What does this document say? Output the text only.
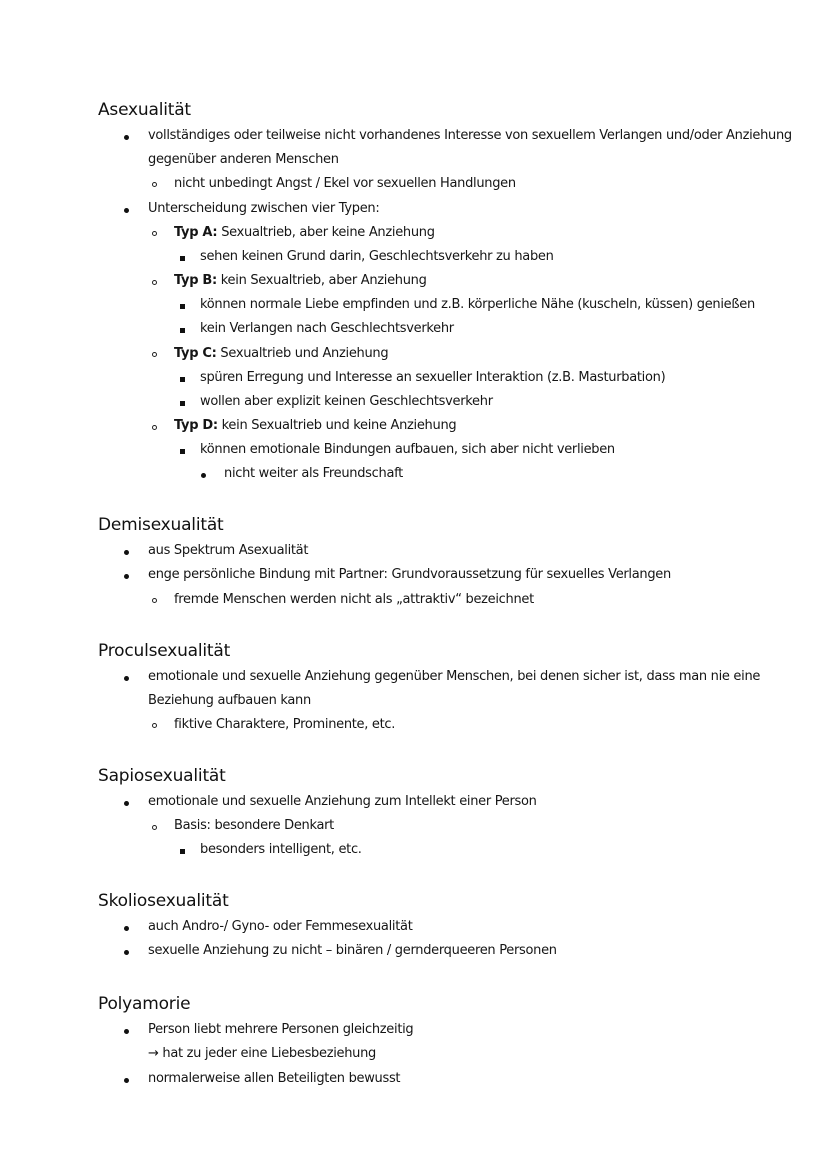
Asexualität
vollständiges oder teilweise nicht vorhandenes Interesse von sexuellem Verlangen und/oder Anziehung
gegenüber anderen Menschen
nicht unbedingt Angst / Ekel vor sexuellen Handlungen
Unterscheidung zwischen vier Typen:
Typ A: Sexualtrieb, aber keine Anziehung
sehen keinen Grund darin, Geschlechtsverkehr zu haben
Typ B: kein Sexualtrieb, aber Anziehung
können normale Liebe empfinden und z.B. körperliche Nähe (kuscheln, küssen) genießen
kein Verlangen nach Geschlechtsverkehr
Typ C: Sexualtrieb und Anziehung
spüren Erregung und Interesse an sexueller Interaktion (z.B. Masturbation)
wollen aber explizit keinen Geschlechtsverkehr
Typ D: kein Sexualtrieb und keine Anziehung
können emotionale Bindungen aufbauen, sich aber nicht verlieben
nicht weiter als Freundschaft
Demisexualität
aus Spektrum Asexualität
enge persönliche Bindung mit Partner: Grundvoraussetzung für sexuelles Verlangen
fremde Menschen werden nicht als „attraktiv“ bezeichnet
Proculsexualität
emotionale und sexuelle Anziehung gegenüber Menschen, bei denen sicher ist, dass man nie eine
Beziehung aufbauen kann
fiktive Charaktere, Prominente, etc.
Sapiosexualität
emotionale und sexuelle Anziehung zum Intellekt einer Person
Basis: besondere Denkart
besonders intelligent, etc.
Skoliosexualität
auch Andro-/ Gyno- oder Femmesexualität
sexuelle Anziehung zu nicht – binären / gernderqueeren Personen
Polyamorie
Person liebt mehrere Personen gleichzeitig
→ hat zu jeder eine Liebesbeziehung
normalerweise allen Beteiligten bewusst
